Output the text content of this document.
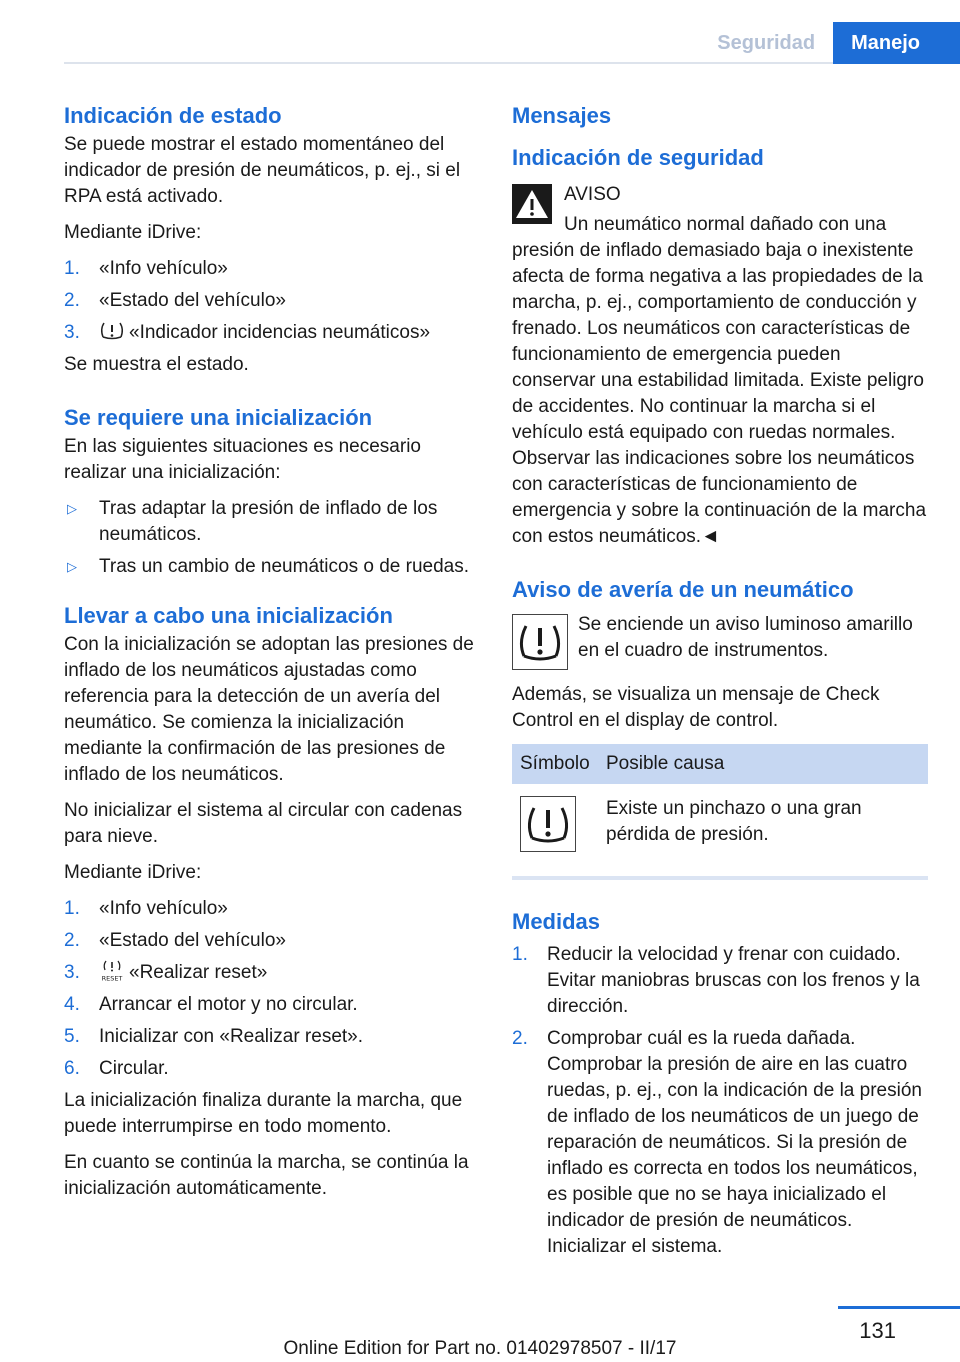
Seguridad	Manejo
Indicación de estado

Se puede mostrar el estado momentáneo del indicador de presión de neumáticos, p. ej., si el RPA está activado.

Mediante iDrive:

1. «Info vehículo»
2. «Estado del vehículo»
3.	«Indicador incidencias neumáticos»

Se muestra el estado.

Se requiere una inicialización

En las siguientes situaciones es necesario realizar una inicialización:

▷ Tras adaptar la presión de inflado de los neumáticos.
▷ Tras un cambio de neumáticos o de ruedas.
Llevar a cabo una inicialización

Con la inicialización se adoptan las presiones de inflado de los neumáticos ajustadas como referencia para la detección de un avería del neumático. Se comienza la inicialización mediante la confirmación de las presiones de inflado de los neumáticos.

No inicializar el sistema al circular con cadenas para nieve.

Mediante iDrive:

1. «Info vehículo»
2. «Estado del vehículo»
3.	RESET «Realizar reset»
4. Arrancar el motor y no circular.
5. Inicializar con «Realizar reset».
6. Circular.

La inicialización finaliza durante la marcha, que puede interrumpirse en todo momento.

En cuanto se continúa la marcha, se continúa la inicialización automáticamente.

Mensajes
Indicación de seguridad

AVISO

Un neumático normal dañado con una presión de inflado demasiado baja o inexistente afecta de forma negativa a las propiedades de la marcha, p. ej., comportamiento de conducción y frenado. Los neumáticos con características de funcionamiento de emergencia pueden conservar una estabilidad limitada. Existe peligro de accidentes. No continuar la marcha si el vehículo está equipado con ruedas normales. Observar las indicaciones sobre los neumáticos con características de funcionamiento de emergencia y sobre la continuación de la marcha con estos neumáticos.◄

Aviso de avería de un neumático

Se enciende un aviso luminoso amarillo en el cuadro de instrumentos.

Además, se visualiza un mensaje de Check Control en el display de control.

Símbolo	Posible causa
	Existe un pinchazo o una gran pérdida de presión.
Medidas
1. Reducir la velocidad y frenar con cuidado. Evitar maniobras bruscas con los frenos y la dirección.
2. Comprobar cuál es la rueda dañada. Comprobar la presión de aire en las cuatro ruedas, p. ej., con la indicación de la presión de inflado de los neumáticos de un juego de reparación de neumáticos. Si la presión de inflado es correcta en todos los neumáticos, es posible que no se haya inicializado el indicador de presión de neumáticos. Inicializar el sistema.
131
Online Edition for Part no. 01402978507 - II/17
